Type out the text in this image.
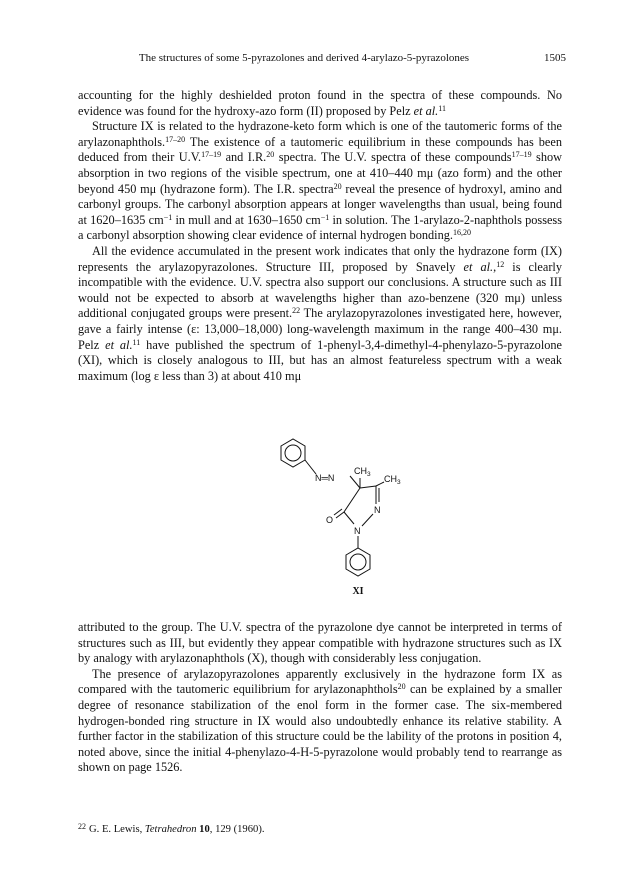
The structures of some 5-pyrazolones and derived 4-arylazo-5-pyrazolones	1505

accounting for the highly deshielded proton found in the spectra of these compounds. No evidence was found for the hydroxy-azo form (II) proposed by Pelz et al.$^{11}$

Structure IX is related to the hydrazone-keto form which is one of the tautomeric forms of the arylazonaphthols.$^{17-20}$ The existence of a tautomeric equilibrium in these compounds has been deduced from their U.V.$^{17-19}$ and I.R.$^{20}$ spectra. The U.V. spectra of these compounds$^{17-19}$ show absorption in two regions of the visible spectrum, one at 410–440 mμ (azo form) and the other beyond 450 mμ (hydrazone form). The I.R. spectra$^{20}$ reveal the presence of hydroxyl, amino and carbonyl groups. The carbonyl absorption appears at longer wavelengths than usual, being found at 1620–1635 $cm^{-1}$ in mull and at 1630–1650 $cm^{-1}$ in solution. The 1-arylazo-2-naphthols possess a carbonyl absorption showing clear evidence of internal hydrogen bonding.$^{16,20}$

All the evidence accumulated in the present work indicates that only the hydrazone form (IX) represents the arylazopyrazolones. Structure III, proposed by Snavely et al.,$^{12}$ is clearly incompatible with the evidence. U.V. spectra also support our conclusions. A structure such as III would not be expected to absorb at wavelengths higher than azo-benzene (320 mμ) unless additional conjugated groups were present.$^{22}$ The arylazopyrazolones investigated here, however, gave a fairly intense (ε: 13,000–18,000) long-wavelength maximum in the range 400–430 mμ. Pelz et al.$^{11}$ have published the spectrum of 1-phenyl-3,4-dimethyl-4-phenylazo-5-pyrazolone (XI), which is closely analogous to III, but has an almost featureless spectrum with a weak maximum (log ε less than 3) at about 410 mμ

$CH_3$ $CH_3$
N═N
N
N
O
XI

attributed to the group. The U.V. spectra of the pyrazolone dye cannot be interpreted in terms of structures such as III, but evidently they appear compatible with hydrazone structures such as IX by analogy with arylazonaphthols (X), though with considerably less conjugation.

The presence of arylazopyrazolones apparently exclusively in the hydrazone form IX as compared with the tautomeric equilibrium for arylazonaphthols$^{20}$ can be explained by a smaller degree of resonance stabilization of the enol form in the former case. The six-membered hydrogen-bonded ring structure in IX would also undoubtedly enhance its relative stability. A further factor in the stabilization of this structure could be the lability of the protons in position 4, noted above, since the initial 4-phenylazo-4-H-5-pyrazolone would probably tend to rearrange as shown on page 1526.

$^{22}$ G. E. Lewis, Tetrahedron 10, 129 (1960).
